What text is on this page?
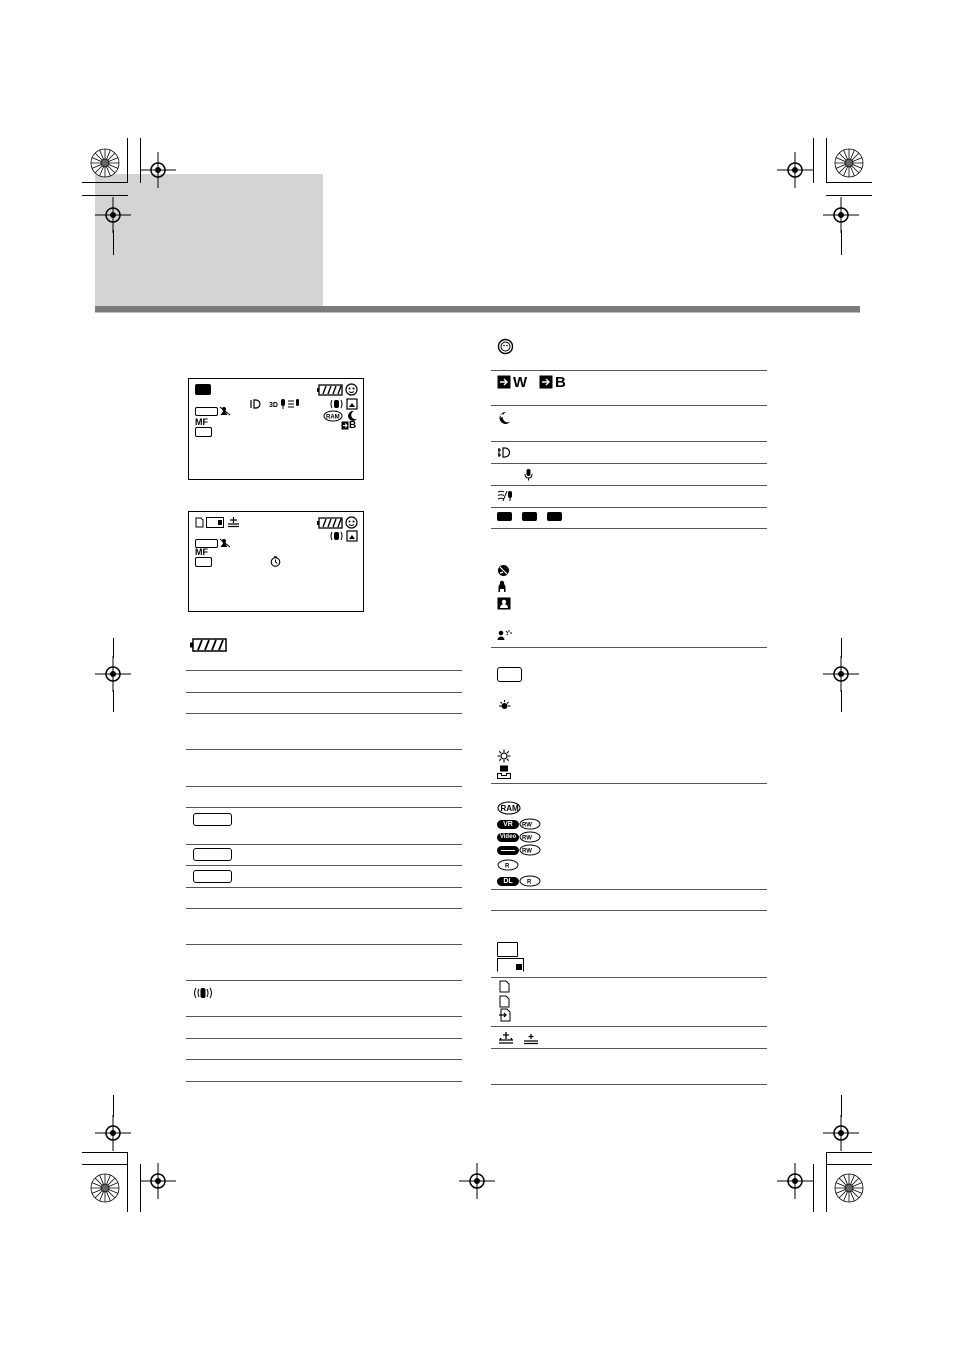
3D
RAM
B
MF
MF
W B
RAM
VR	RW
Video RW
RW
R
DL	R
